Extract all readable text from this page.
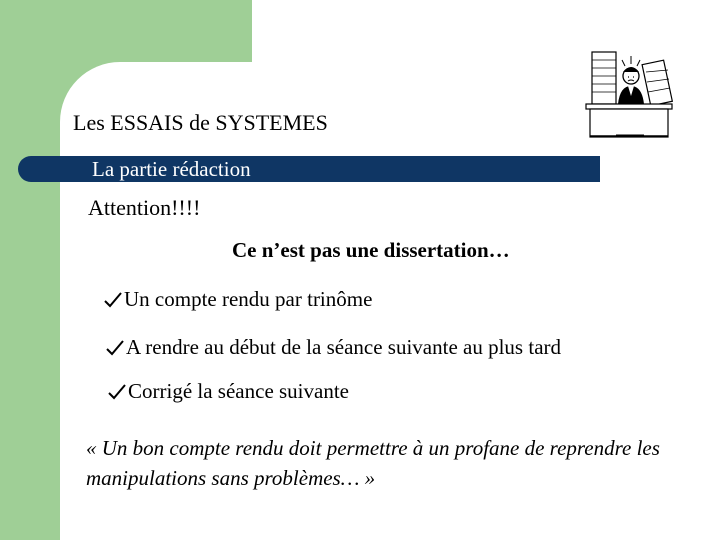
Les ESSAIS de SYSTEMES
La partie rédaction
Attention!!!!
Ce n’est pas une dissertation…
Un compte rendu par trinôme
A rendre au début de la séance suivante au plus tard
Corrigé la séance suivante
« Un bon compte rendu doit permettre à un profane de reprendre les manipulations sans problèmes… »
